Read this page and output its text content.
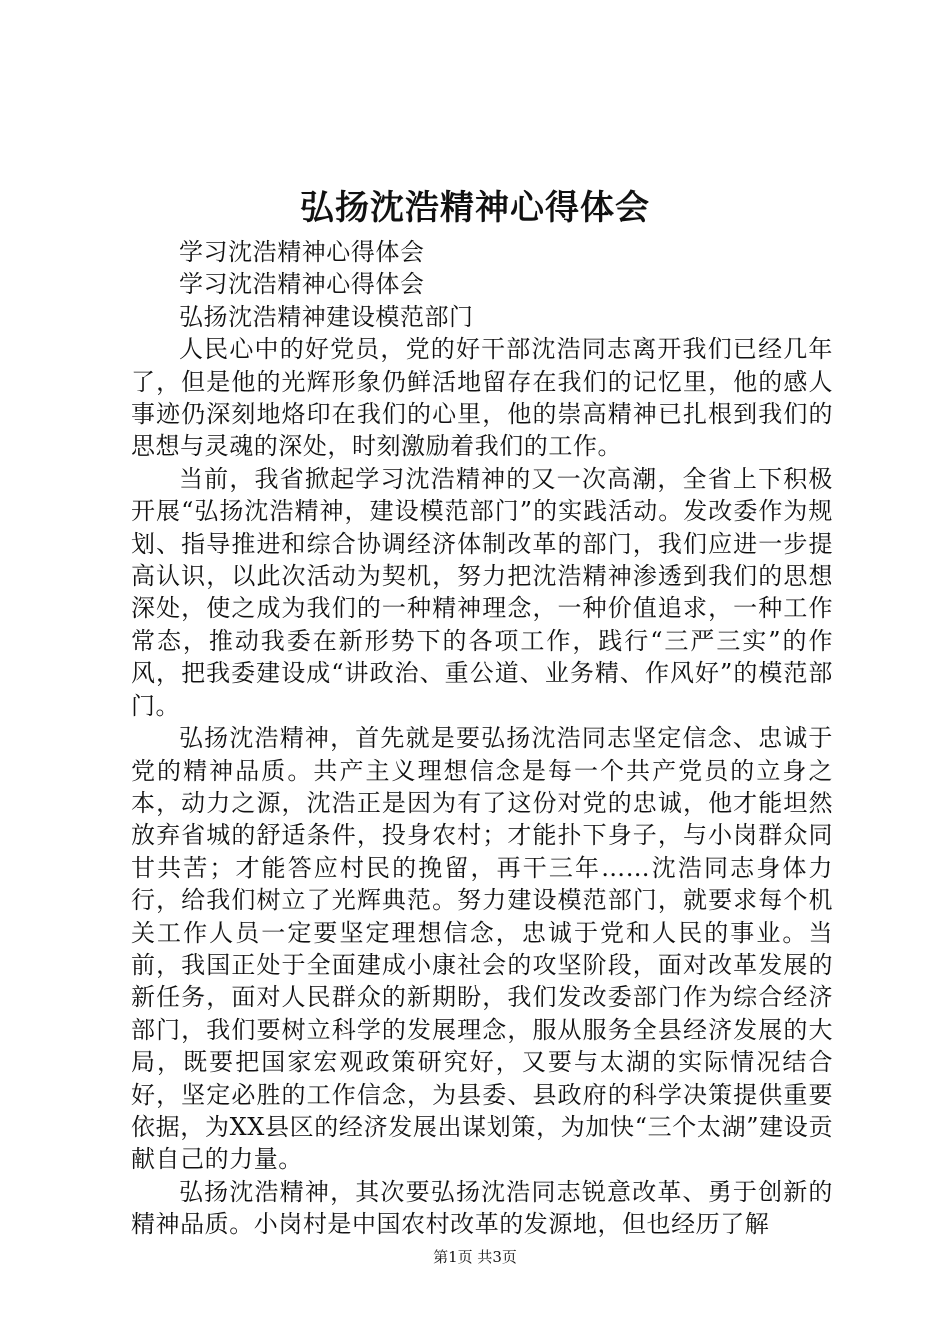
弘扬沈浩精神心得体会

学习沈浩精神心得体会

学习沈浩精神心得体会

弘扬沈浩精神建设模范部门

人民心中的好党员，党的好干部沈浩同志离开我们已经几年了，但是他的光辉形象仍鲜活地留存在我们的记忆里，他的感人事迹仍深刻地烙印在我们的心里，他的崇高精神已扎根到我们的思想与灵魂的深处，时刻激励着我们的工作。

当前，我省掀起学习沈浩精神的又一次高潮，全省上下积极开展“弘扬沈浩精神，建设模范部门”的实践活动。发改委作为规划、指导推进和综合协调经济体制改革的部门，我们应进一步提高认识，以此次活动为契机，努力把沈浩精神渗透到我们的思想深处，使之成为我们的一种精神理念，一种价值追求，一种工作常态，推动我委在新形势下的各项工作，践行“三严三实”的作风，把我委建设成“讲政治、重公道、业务精、作风好”的模范部门。

弘扬沈浩精神，首先就是要弘扬沈浩同志坚定信念、忠诚于党的精神品质。共产主义理想信念是每一个共产党员的立身之本，动力之源，沈浩正是因为有了这份对党的忠诚，他才能坦然放弃省城的舒适条件，投身农村；才能扑下身子，与小岗群众同甘共苦；才能答应村民的挽留，再干三年……沈浩同志身体力行，给我们树立了光辉典范。努力建设模范部门，就要求每个机关工作人员一定要坚定理想信念，忠诚于党和人民的事业。当前，我国正处于全面建成小康社会的攻坚阶段，面对改革发展的新任务，面对人民群众的新期盼，我们发改委部门作为综合经济部门，我们要树立科学的发展理念，服从服务全县经济发展的大局，既要把国家宏观政策研究好，又要与太湖的实际情况结合好，坚定必胜的工作信念，为县委、县政府的科学决策提供重要依据，为XX县区的经济发展出谋划策，为加快“三个太湖”建设贡献自己的力量。

弘扬沈浩精神，其次要弘扬沈浩同志锐意改革、勇于创新的精神品质。小岗村是中国农村改革的发源地，但也经历了解

第1页 共3页
